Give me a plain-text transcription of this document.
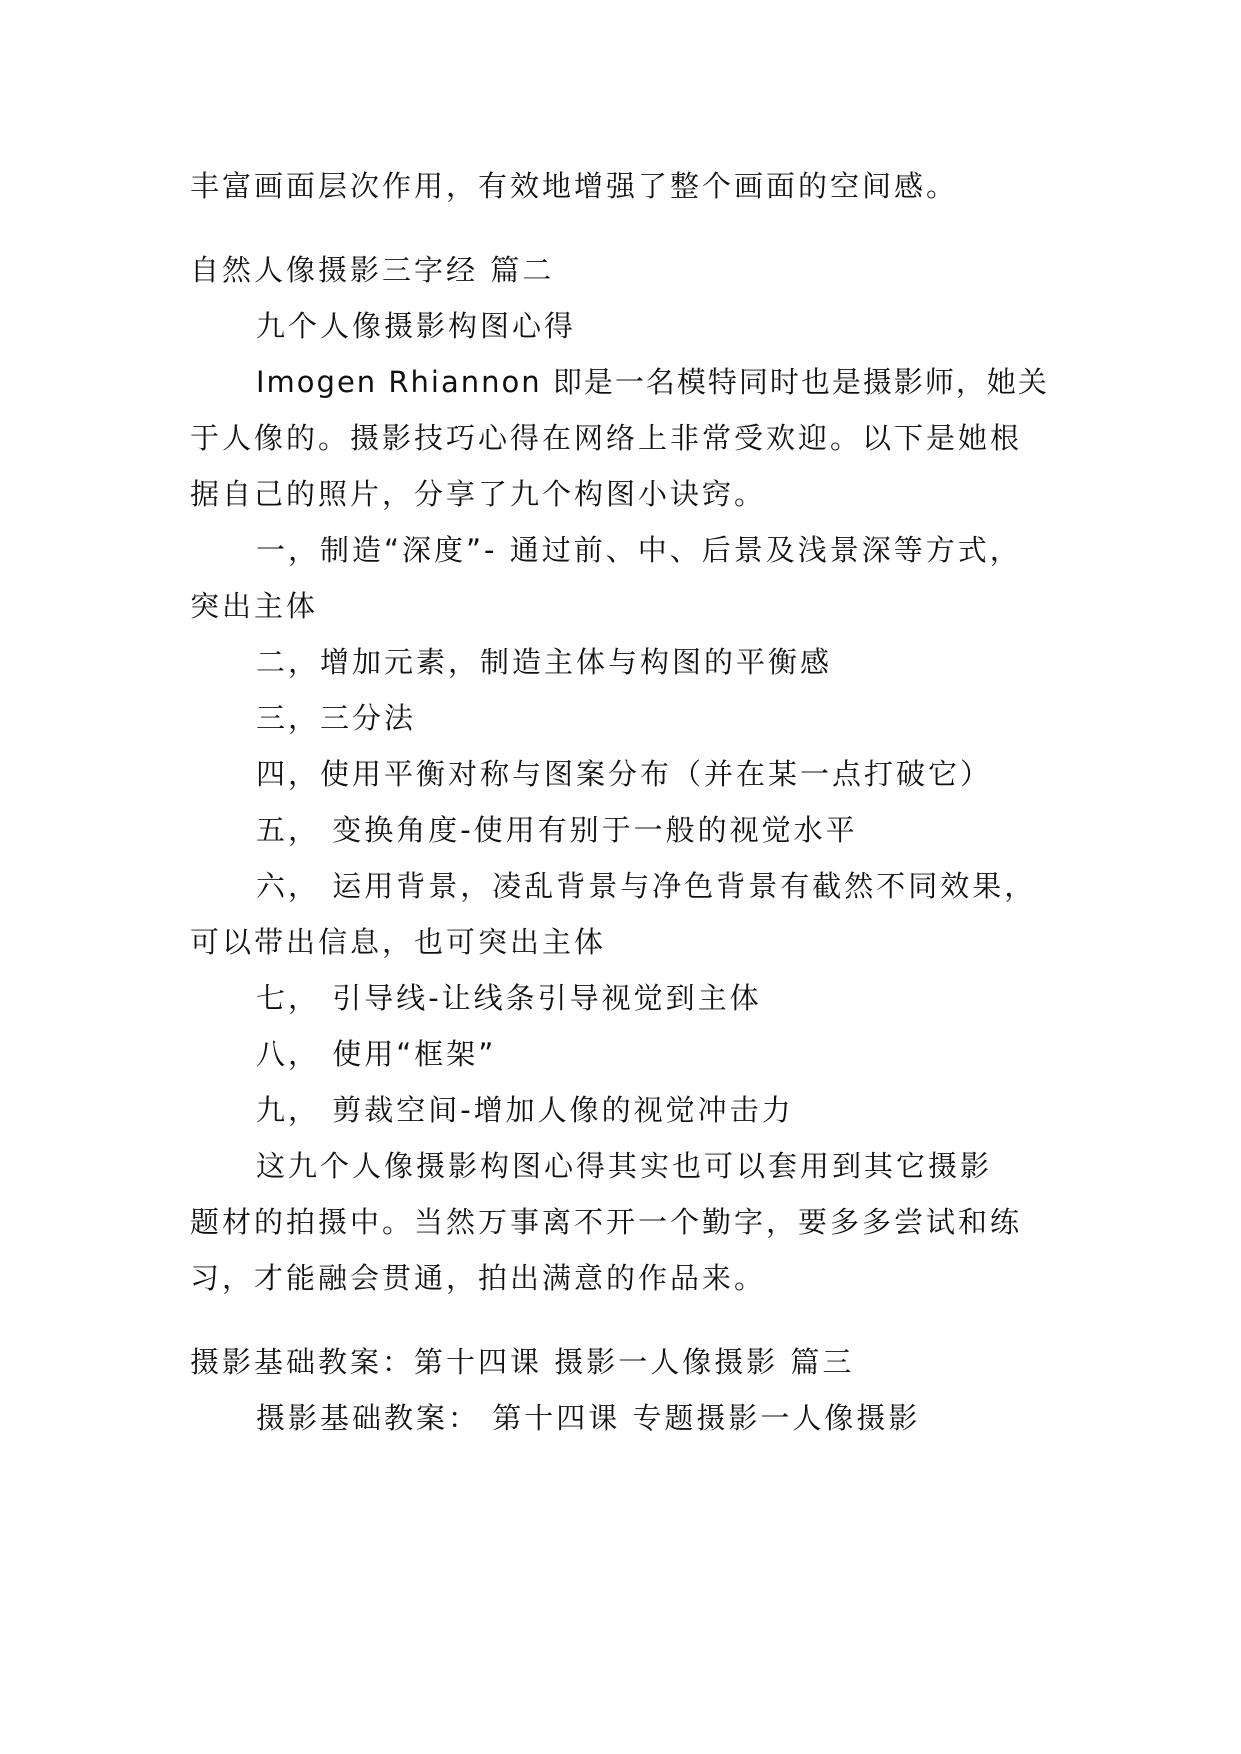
丰富画面层次作用，有效地增强了整个画面的空间感。
自然人像摄影三字经 篇二
九个人像摄影构图心得
Imogen Rhiannon 即是一名模特同时也是摄影师，她关
于人像的。摄影技巧心得在网络上非常受欢迎。以下是她根
据自己的照片，分享了九个构图小诀窍。
一，制造“深度”- 通过前、中、后景及浅景深等方式，
突出主体
二，增加元素，制造主体与构图的平衡感
三，三分法
四，使用平衡对称与图案分布（并在某一点打破它）
五， 变换角度-使用有别于一般的视觉水平
六， 运用背景，凌乱背景与净色背景有截然不同效果，
可以带出信息，也可突出主体
七， 引导线-让线条引导视觉到主体
八， 使用“框架”
九， 剪裁空间-增加人像的视觉冲击力
这九个人像摄影构图心得其实也可以套用到其它摄影
题材的拍摄中。当然万事离不开一个勤字，要多多尝试和练
习，才能融会贯通，拍出满意的作品来。
摄影基础教案：第十四课 摄影一人像摄影 篇三
摄影基础教案： 第十四课 专题摄影一人像摄影
